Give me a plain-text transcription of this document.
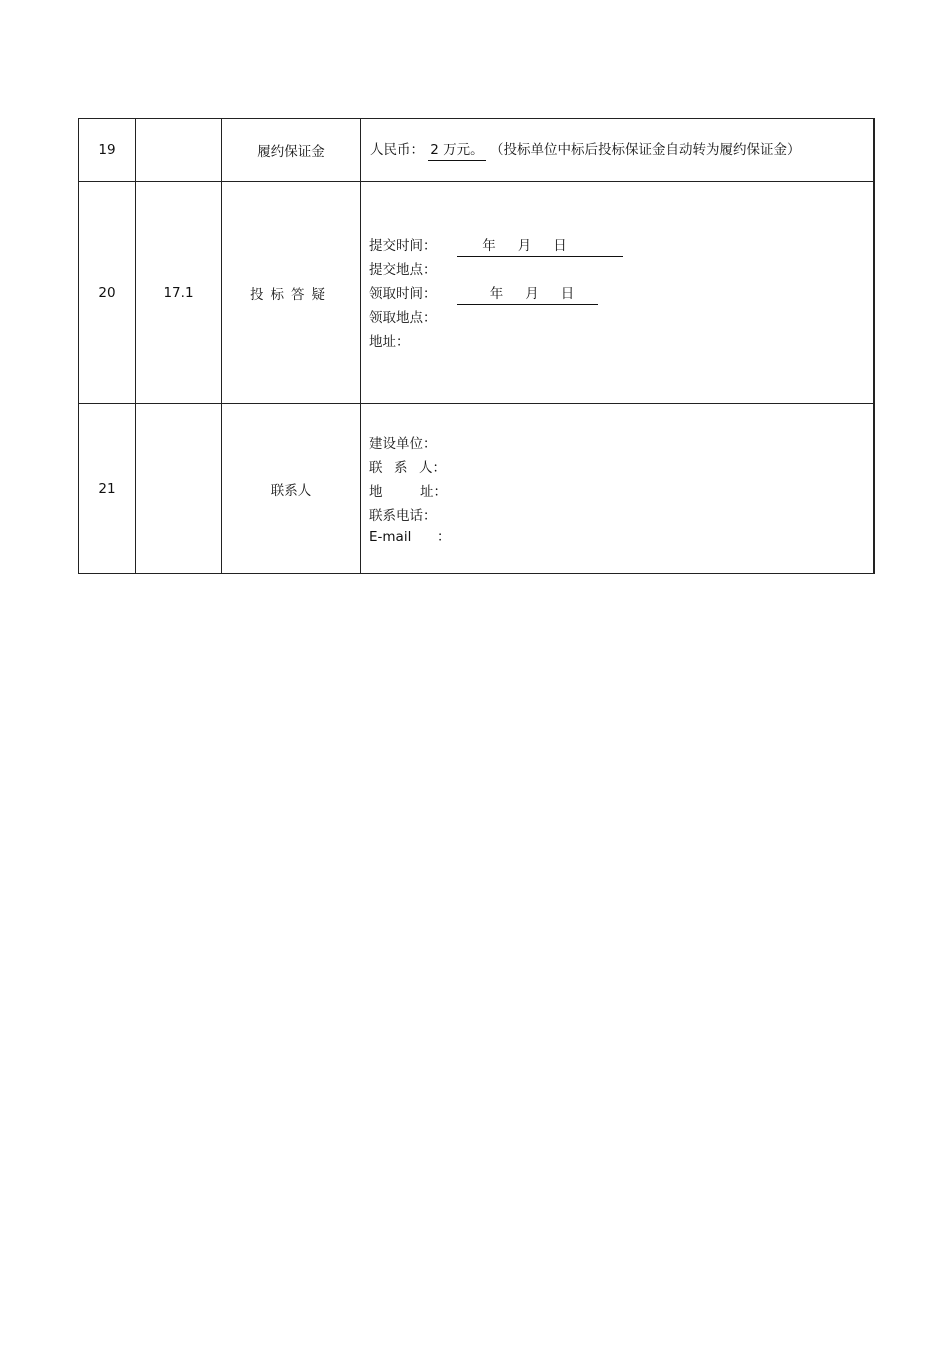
19		履约保证金	人民币： 2 万元。 （投标单位中标后投标保证金自动转为履约保证金）

20	17.1	投标答疑	提交时间： 年 月 日
提交地点：
领取时间： 年 月 日
领取地点：
地址：

21		联系人	建设单位：
联 系 人：
地 址：
联系电话：
E-mail ：
